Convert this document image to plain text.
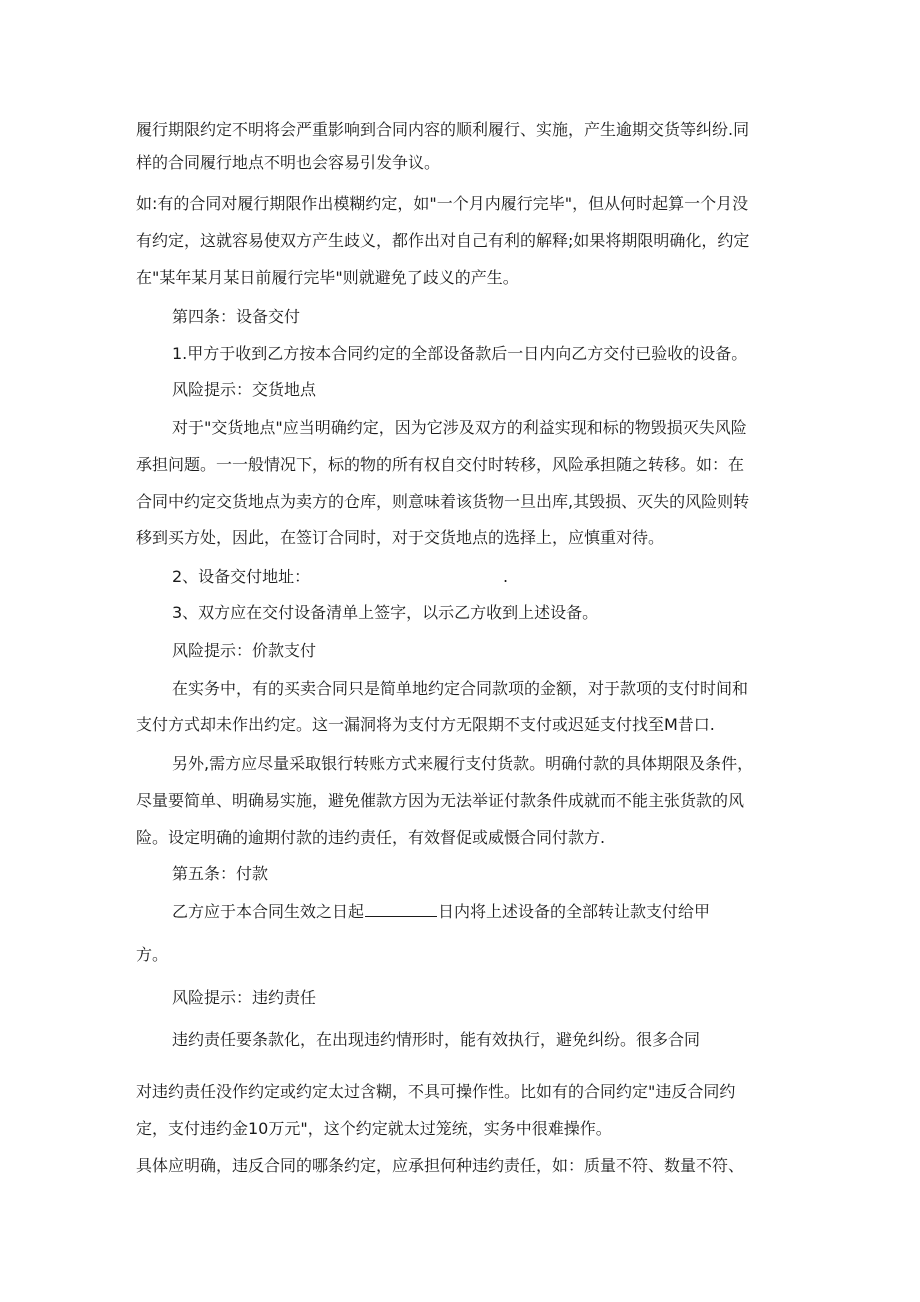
履行期限约定不明将会严重影响到合同内容的顺利履行、实施，产生逾期交货等纠纷.同
样的合同履行地点不明也会容易引发争议。
如:有的合同对履行期限作出模糊约定，如"一个月内履行完毕"，但从何时起算一个月没
有约定，这就容易使双方产生歧义，都作出对自己有利的解释;如果将期限明确化，约定
在"某年某月某日前履行完毕"则就避免了歧义的产生。
第四条：设备交付
1.甲方于收到乙方按本合同约定的全部设备款后一日内向乙方交付已验收的设备。
风险提示：交货地点
对于"交货地点"应当明确约定，因为它涉及双方的利益实现和标的物毁损灭失风险
承担问题。一一般情况下，标的物的所有权自交付时转移，风险承担随之转移。如：在
合同中约定交货地点为卖方的仓库，则意味着该货物一旦出库,其毁损、灭失的风险则转
移到买方处，因此，在签订合同时，对于交货地点的选择上，应慎重对待。
2、设备交付地址：	.
3、双方应在交付设备清单上签字，以示乙方收到上述设备。
风险提示：价款支付
在实务中，有的买卖合同只是简单地约定合同款项的金额，对于款项的支付时间和
支付方式却未作出约定。这一漏洞将为支付方无限期不支付或迟延支付找至M昔口.
另外,需方应尽量采取银行转账方式来履行支付货款。明确付款的具体期限及条件，
尽量要简单、明确易实施，避免催款方因为无法举证付款条件成就而不能主张货款的风
险。设定明确的逾期付款的违约责任，有效督促或威慑合同付款方.
第五条：付款
乙方应于本合同生效之日起	日内将上述设备的全部转让款支付给甲
方。
风险提示：违约责任
违约责任要条款化，在出现违约情形时，能有效执行，避免纠纷。很多合同
对违约责任没作约定或约定太过含糊，不具可操作性。比如有的合同约定"违反合同约
定，支付违约金10万元"，这个约定就太过笼统，实务中很难操作。
具体应明确，违反合同的哪条约定，应承担何种违约责任，如：质量不符、数量不符、
